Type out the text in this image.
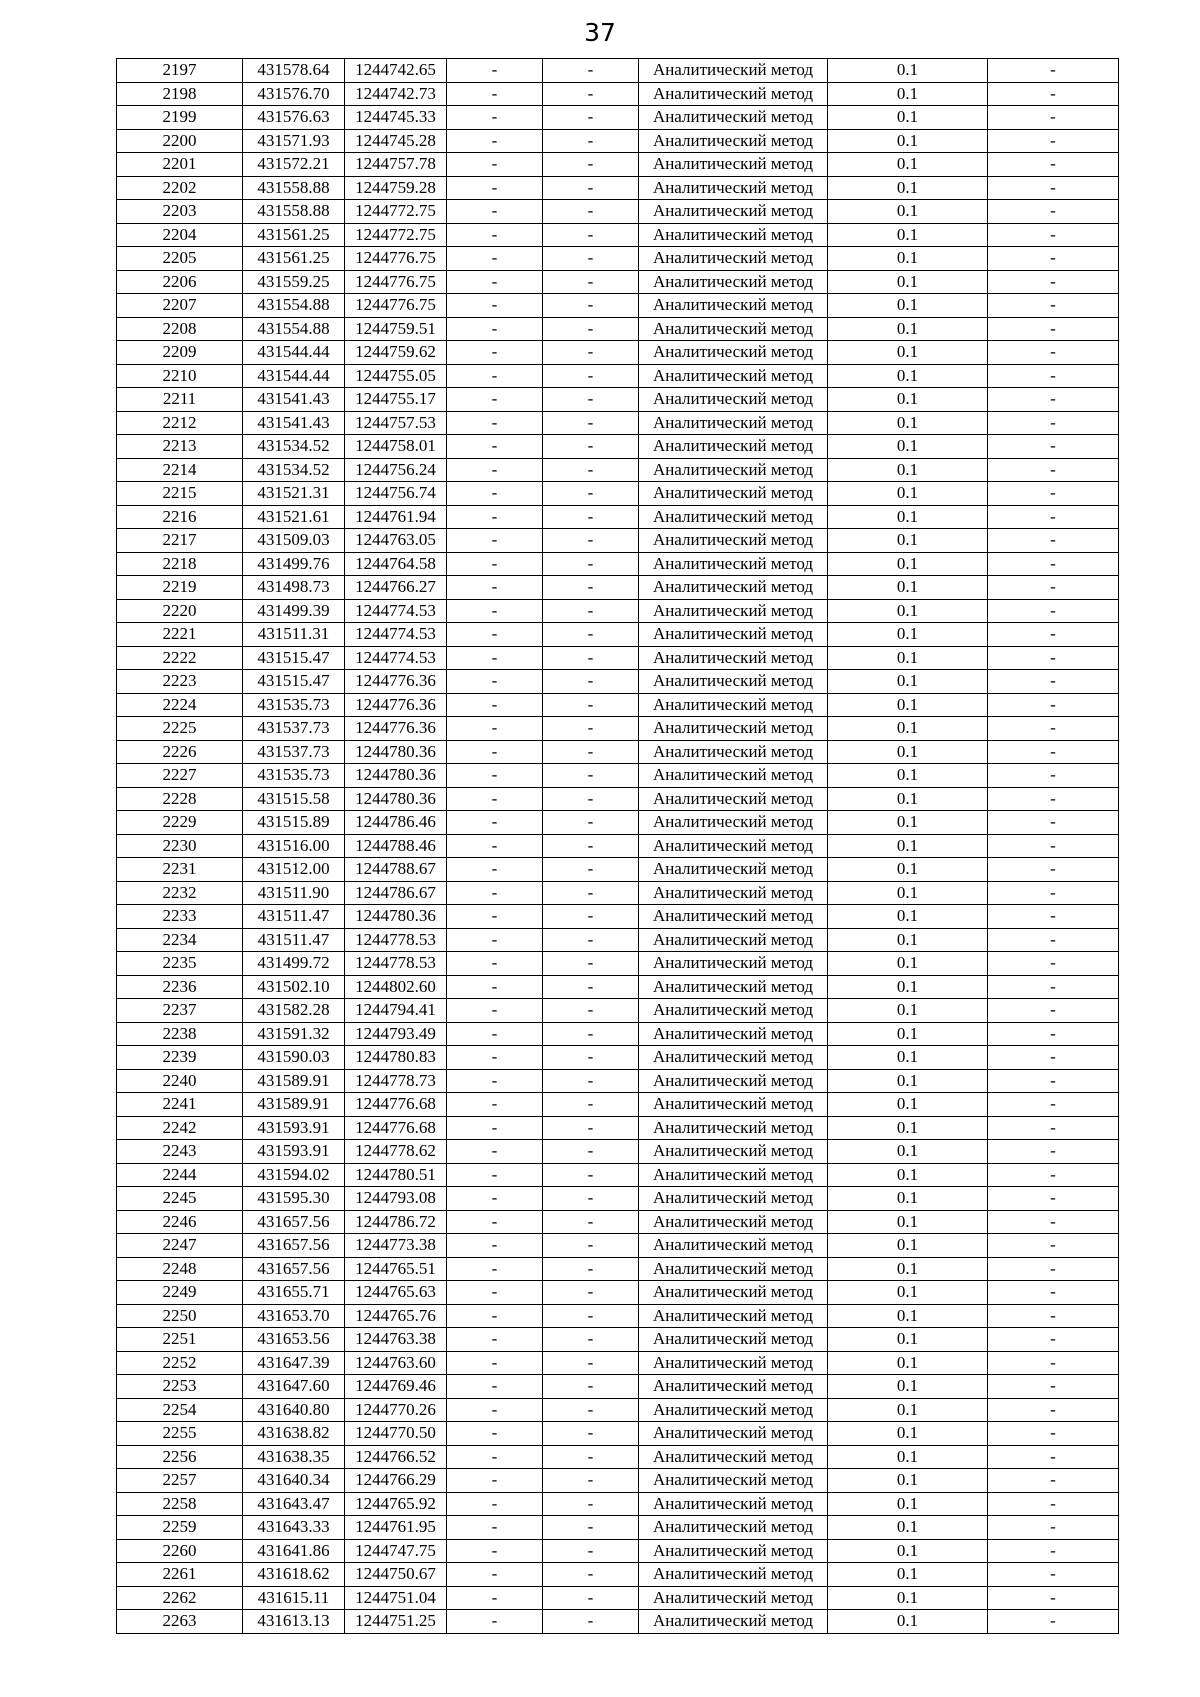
37
2197	431578.64	1244742.65	-	-	Аналитический метод	0.1	-
2198	431576.70	1244742.73	-	-	Аналитический метод	0.1	-
2199	431576.63	1244745.33	-	-	Аналитический метод	0.1	-
2200	431571.93	1244745.28	-	-	Аналитический метод	0.1	-
2201	431572.21	1244757.78	-	-	Аналитический метод	0.1	-
2202	431558.88	1244759.28	-	-	Аналитический метод	0.1	-
2203	431558.88	1244772.75	-	-	Аналитический метод	0.1	-
2204	431561.25	1244772.75	-	-	Аналитический метод	0.1	-
2205	431561.25	1244776.75	-	-	Аналитический метод	0.1	-
2206	431559.25	1244776.75	-	-	Аналитический метод	0.1	-
2207	431554.88	1244776.75	-	-	Аналитический метод	0.1	-
2208	431554.88	1244759.51	-	-	Аналитический метод	0.1	-
2209	431544.44	1244759.62	-	-	Аналитический метод	0.1	-
2210	431544.44	1244755.05	-	-	Аналитический метод	0.1	-
2211	431541.43	1244755.17	-	-	Аналитический метод	0.1	-
2212	431541.43	1244757.53	-	-	Аналитический метод	0.1	-
2213	431534.52	1244758.01	-	-	Аналитический метод	0.1	-
2214	431534.52	1244756.24	-	-	Аналитический метод	0.1	-
2215	431521.31	1244756.74	-	-	Аналитический метод	0.1	-
2216	431521.61	1244761.94	-	-	Аналитический метод	0.1	-
2217	431509.03	1244763.05	-	-	Аналитический метод	0.1	-
2218	431499.76	1244764.58	-	-	Аналитический метод	0.1	-
2219	431498.73	1244766.27	-	-	Аналитический метод	0.1	-
2220	431499.39	1244774.53	-	-	Аналитический метод	0.1	-
2221	431511.31	1244774.53	-	-	Аналитический метод	0.1	-
2222	431515.47	1244774.53	-	-	Аналитический метод	0.1	-
2223	431515.47	1244776.36	-	-	Аналитический метод	0.1	-
2224	431535.73	1244776.36	-	-	Аналитический метод	0.1	-
2225	431537.73	1244776.36	-	-	Аналитический метод	0.1	-
2226	431537.73	1244780.36	-	-	Аналитический метод	0.1	-
2227	431535.73	1244780.36	-	-	Аналитический метод	0.1	-
2228	431515.58	1244780.36	-	-	Аналитический метод	0.1	-
2229	431515.89	1244786.46	-	-	Аналитический метод	0.1	-
2230	431516.00	1244788.46	-	-	Аналитический метод	0.1	-
2231	431512.00	1244788.67	-	-	Аналитический метод	0.1	-
2232	431511.90	1244786.67	-	-	Аналитический метод	0.1	-
2233	431511.47	1244780.36	-	-	Аналитический метод	0.1	-
2234	431511.47	1244778.53	-	-	Аналитический метод	0.1	-
2235	431499.72	1244778.53	-	-	Аналитический метод	0.1	-
2236	431502.10	1244802.60	-	-	Аналитический метод	0.1	-
2237	431582.28	1244794.41	-	-	Аналитический метод	0.1	-
2238	431591.32	1244793.49	-	-	Аналитический метод	0.1	-
2239	431590.03	1244780.83	-	-	Аналитический метод	0.1	-
2240	431589.91	1244778.73	-	-	Аналитический метод	0.1	-
2241	431589.91	1244776.68	-	-	Аналитический метод	0.1	-
2242	431593.91	1244776.68	-	-	Аналитический метод	0.1	-
2243	431593.91	1244778.62	-	-	Аналитический метод	0.1	-
2244	431594.02	1244780.51	-	-	Аналитический метод	0.1	-
2245	431595.30	1244793.08	-	-	Аналитический метод	0.1	-
2246	431657.56	1244786.72	-	-	Аналитический метод	0.1	-
2247	431657.56	1244773.38	-	-	Аналитический метод	0.1	-
2248	431657.56	1244765.51	-	-	Аналитический метод	0.1	-
2249	431655.71	1244765.63	-	-	Аналитический метод	0.1	-
2250	431653.70	1244765.76	-	-	Аналитический метод	0.1	-
2251	431653.56	1244763.38	-	-	Аналитический метод	0.1	-
2252	431647.39	1244763.60	-	-	Аналитический метод	0.1	-
2253	431647.60	1244769.46	-	-	Аналитический метод	0.1	-
2254	431640.80	1244770.26	-	-	Аналитический метод	0.1	-
2255	431638.82	1244770.50	-	-	Аналитический метод	0.1	-
2256	431638.35	1244766.52	-	-	Аналитический метод	0.1	-
2257	431640.34	1244766.29	-	-	Аналитический метод	0.1	-
2258	431643.47	1244765.92	-	-	Аналитический метод	0.1	-
2259	431643.33	1244761.95	-	-	Аналитический метод	0.1	-
2260	431641.86	1244747.75	-	-	Аналитический метод	0.1	-
2261	431618.62	1244750.67	-	-	Аналитический метод	0.1	-
2262	431615.11	1244751.04	-	-	Аналитический метод	0.1	-
2263	431613.13	1244751.25	-	-	Аналитический метод	0.1	-
